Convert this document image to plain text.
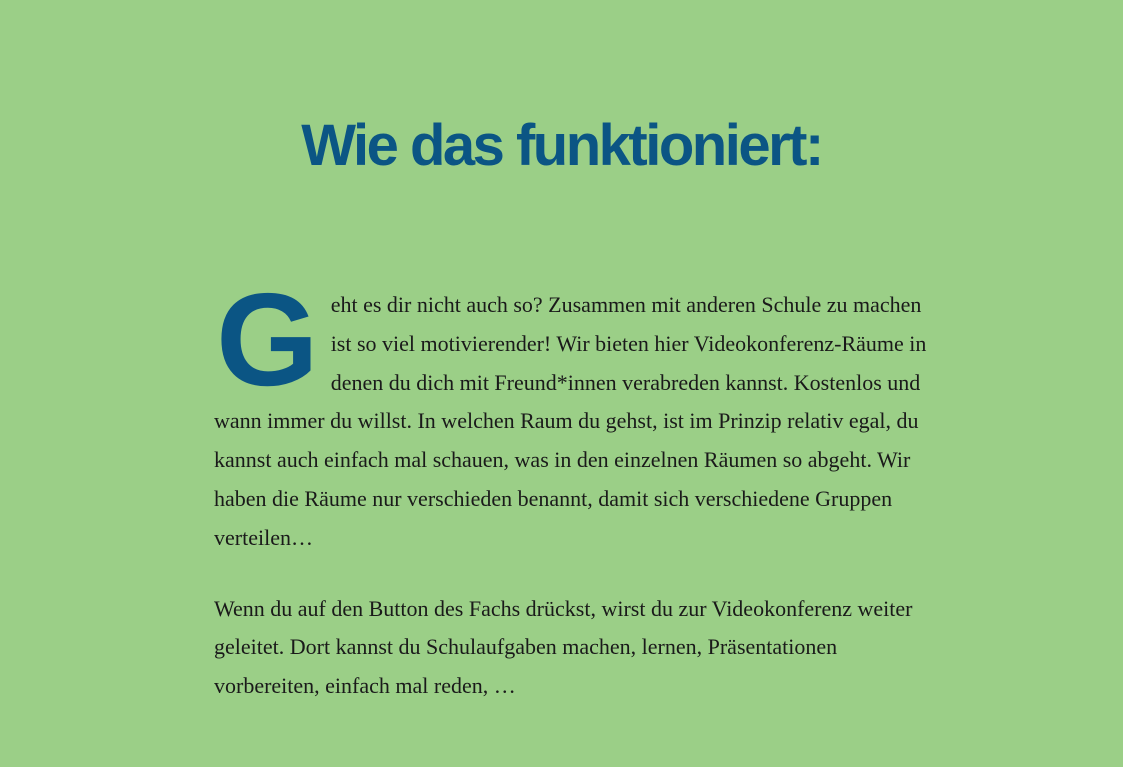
Wie das funktioniert:

Geht es dir nicht auch so? Zusammen mit anderen Schule zu machen ist so viel motivierender! Wir bieten hier Videokonferenz-Räume in denen du dich mit Freund*innen verabreden kannst. Kostenlos und wann immer du willst. In welchen Raum du gehst, ist im Prinzip relativ egal, du kannst auch einfach mal schauen, was in den einzelnen Räumen so abgeht. Wir haben die Räume nur verschieden benannt, damit sich verschiedene Gruppen verteilen…

Wenn du auf den Button des Fachs drückst, wirst du zur Videokonferenz weiter geleitet. Dort kannst du Schulaufgaben machen, lernen, Präsentationen vorbereiten, einfach mal reden, …
